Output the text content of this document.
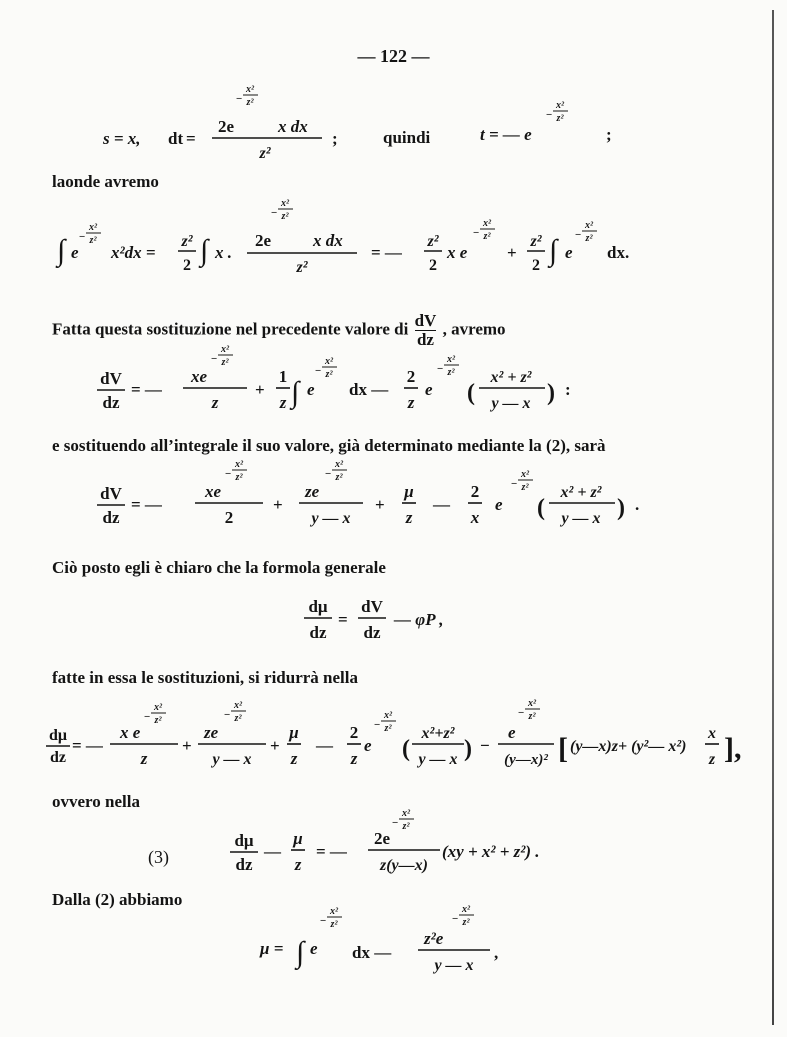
— 122 —
s = x, dt =
2e
−
x²
z²
x dx
z²
;	quindi	t = — e
−
x²
z²
;
laonde avremo
∫ e
−
x²
z²
x²dx =
z²
2 ∫ x .
2e
−
x²
z²
x dx
z²
= —
z²
2
x e
−
x²
z²
+
z²
2 ∫ e
−
x²
z²
dx.
Fatta questa sostituzione nel precedente valore di $\frac{dV}{dz}$ , avremo
dV
dz
= —
xe
−
x²
z²
z
+
1
z ∫ e
−
x²
z²
dx —
2
z
e
−
x²
z²
(
x² + z²
y — x ) :
e sostituendo all’integrale il suo valore, già determinato mediante la (2), sarà
dV
dz
= —
xe
−
x²
z²
2
+
ze
−
x²
z²
y — x
+
μ
z
—
2
x
e
−
x²
z²
(
x² + z²
y — x ) .
Ciò posto egli è chiaro che la formola generale
dμ
dz
=
dV
dz
— φP ,
fatte in essa le sostituzioni, si ridurrà nella
dμ
dz
= —
x e
−
x²
z²
z
+
ze
−
x²
z²
y — x
+
μ
z
—
2
z
e
−
x²
z²
(
x²+z²
y — x ) −
e
−
x²
z²
(y—x)² [ (y—x)z+ (y²— x²)
x
z ],
ovvero nella
(3)
dμ
dz
—
μ
z
= —
2e
−
x²
z²
z(y—x)
(xy + x² + z²) .
Dalla (2) abbiamo
μ = ∫ e
−
x²
z²
dx —
z²e
−
x²
z²
y — x
,
